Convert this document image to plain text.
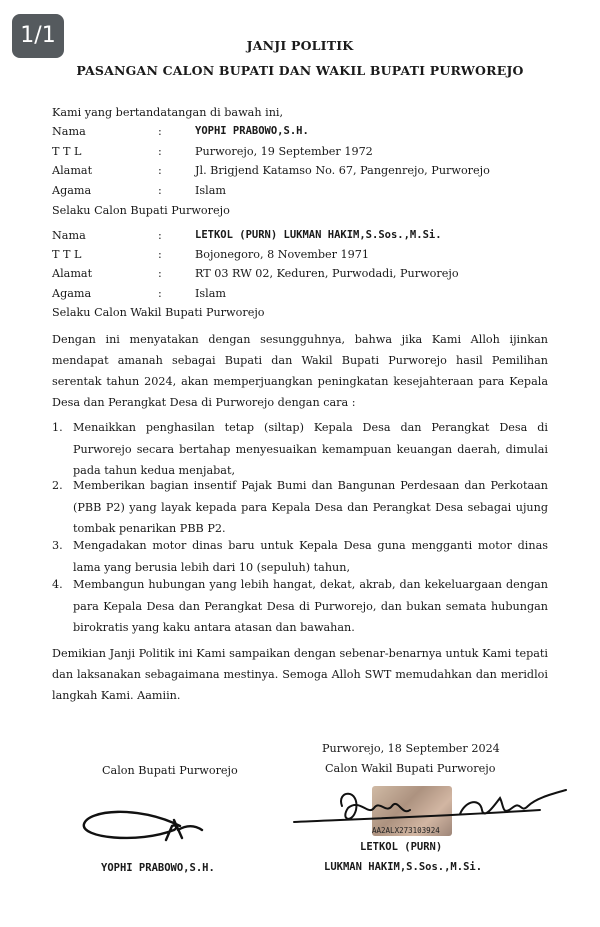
1/1	JANJI POLITIK
PASANGAN CALON BUPATI DAN WAKIL BUPATI PURWOREJO
Kami yang bertandatangan di bawah ini,
Nama	:	YOPHI PRABOWO,S.H.
T T L	:	Purworejo, 19 September 1972
Alamat	:	Jl. Brigjend Katamso No. 67, Pangenrejo, Purworejo
Agama	:	Islam
Selaku Calon Bupati Purworejo
Nama	:	LETKOL (PURN) LUKMAN HAKIM,S.Sos.,M.Si.
T T L	:	Bojonegoro, 8 November 1971
Alamat	:	RT 03 RW 02, Keduren, Purwodadi, Purworejo
Agama	:	Islam
Selaku Calon Wakil Bupati Purworejo
Dengan ini menyatakan dengan sesungguhnya, bahwa jika Kami Alloh ijinkan mendapat amanah sebagai Bupati dan Wakil Bupati Purworejo hasil Pemilihan serentak tahun 2024, akan memperjuangkan peningkatan kesejahteraan para Kepala Desa dan Perangkat Desa di Purworejo dengan cara :
1. Menaikkan penghasilan tetap (siltap) Kepala Desa dan Perangkat Desa di Purworejo secara bertahap menyesuaikan kemampuan keuangan daerah, dimulai pada tahun kedua menjabat,
2. Memberikan bagian insentif Pajak Bumi dan Bangunan Perdesaan dan Perkotaan (PBB P2) yang layak kepada para Kepala Desa dan Perangkat Desa sebagai ujung tombak penarikan PBB P2.
3. Mengadakan motor dinas baru untuk Kepala Desa guna mengganti motor dinas lama yang berusia lebih dari 10 (sepuluh) tahun,
4. Membangun hubungan yang lebih hangat, dekat, akrab, dan kekeluargaan dengan para Kepala Desa dan Perangkat Desa di Purworejo, dan bukan semata hubungan birokratis yang kaku antara atasan dan bawahan.
Demikian Janji Politik ini Kami sampaikan dengan sebenar-benarnya untuk Kami tepati dan laksanakan sebagaimana mestinya. Semoga Alloh SWT memudahkan dan meridloi langkah Kami. Aamiin.
Purworejo, 18 September 2024
Calon Bupati Purworejo	Calon Wakil Bupati Purworejo
AA2ALX273103924
YOPHI PRABOWO,S.H.
LETKOL (PURN)
LUKMAN HAKIM,S.Sos.,M.Si.
